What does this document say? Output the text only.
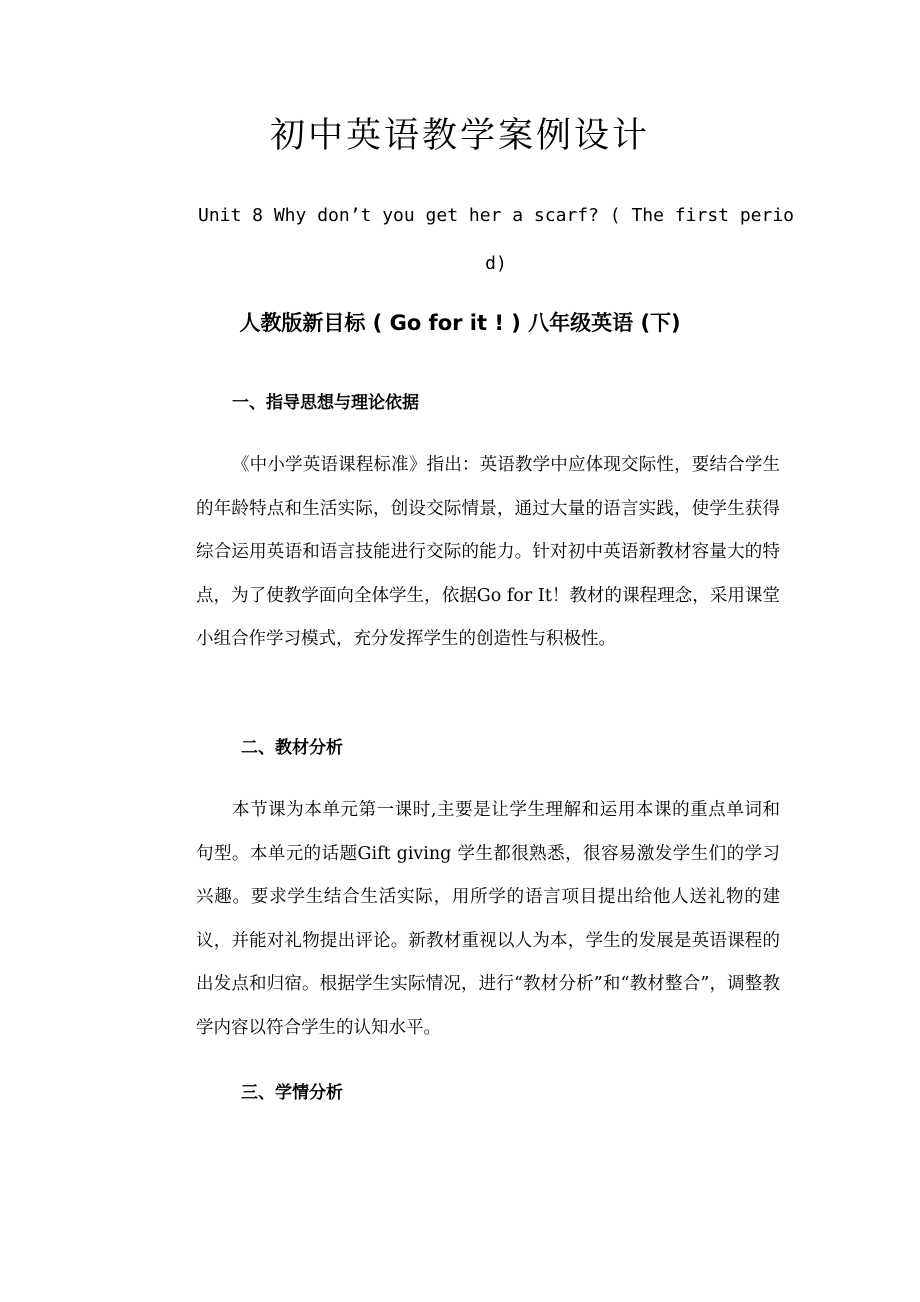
初中英语教学案例设计
Unit 8 Why don’t you get her a scarf? ( The first period)
人教版新目标 ( Go for it ! ) 八年级英语 (下)
一、指导思想与理论依据
《中小学英语课程标准》指出：英语教学中应体现交际性，要结合学生的年龄特点和生活实际，创设交际情景，通过大量的语言实践，使学生获得综合运用英语和语言技能进行交际的能力。针对初中英语新教材容量大的特点，为了使教学面向全体学生，依据Go for It！教材的课程理念，采用课堂小组合作学习模式，充分发挥学生的创造性与积极性。
二、教材分析
本节课为本单元第一课时,主要是让学生理解和运用本课的重点单词和句型。本单元的话题Gift giving 学生都很熟悉，很容易激发学生们的学习兴趣。要求学生结合生活实际，用所学的语言项目提出给他人送礼物的建议，并能对礼物提出评论。新教材重视以人为本，学生的发展是英语课程的出发点和归宿。根据学生实际情况，进行“教材分析”和“教材整合”，调整教学内容以符合学生的认知水平。
三、学情分析
